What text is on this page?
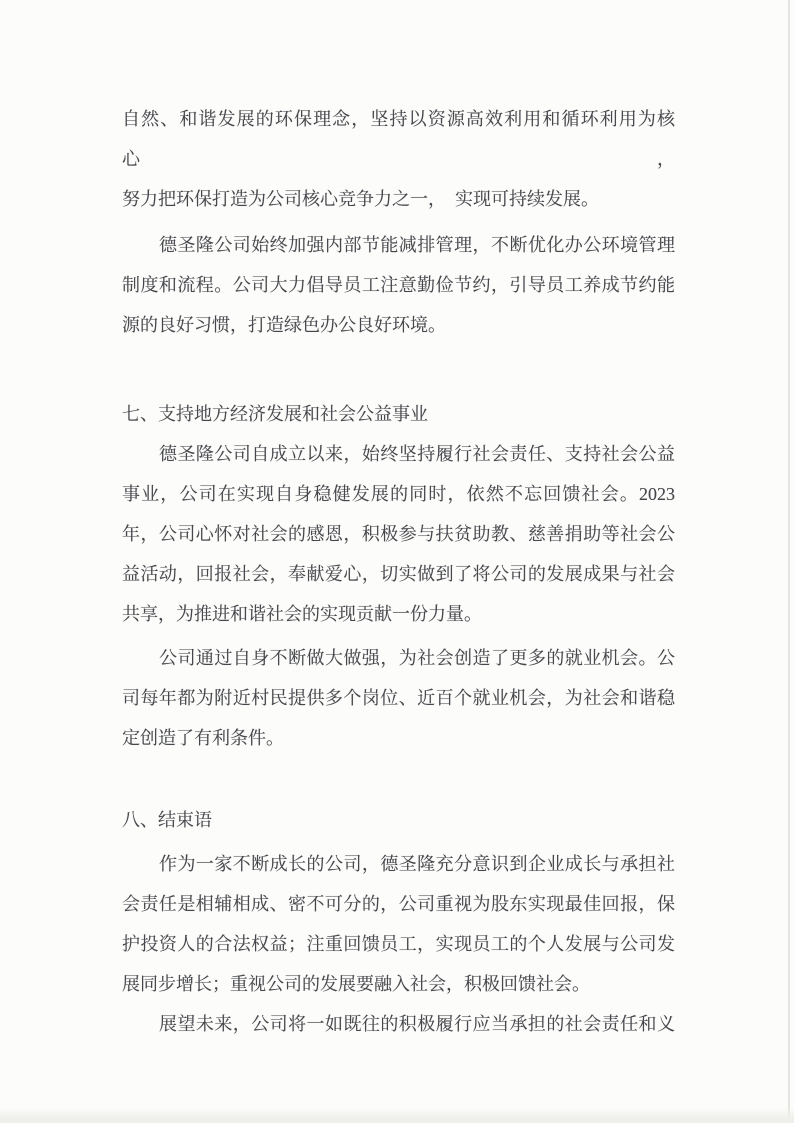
自然、和谐发展的环保理念，坚持以资源高效利用和循环利用为核心，
努力把环保打造为公司核心竞争力之一，　实现可持续发展。
德圣隆公司始终加强内部节能减排管理，不断优化办公环境管理
制度和流程。公司大力倡导员工注意勤俭节约，引导员工养成节约能
源的良好习惯，打造绿色办公良好环境。
七、支持地方经济发展和社会公益事业
德圣隆公司自成立以来，始终坚持履行社会责任、支持社会公益
事业，公司在实现自身稳健发展的同时，依然不忘回馈社会。2023
年，公司心怀对社会的感恩，积极参与扶贫助教、慈善捐助等社会公
益活动，回报社会，奉献爱心，切实做到了将公司的发展成果与社会
共享，为推进和谐社会的实现贡献一份力量。
公司通过自身不断做大做强，为社会创造了更多的就业机会。公
司每年都为附近村民提供多个岗位、近百个就业机会，为社会和谐稳
定创造了有利条件。
八、结束语
作为一家不断成长的公司，德圣隆充分意识到企业成长与承担社
会责任是相辅相成、密不可分的，公司重视为股东实现最佳回报，保
护投资人的合法权益；注重回馈员工，实现员工的个人发展与公司发
展同步增长；重视公司的发展要融入社会，积极回馈社会。
展望未来，公司将一如既往的积极履行应当承担的社会责任和义
